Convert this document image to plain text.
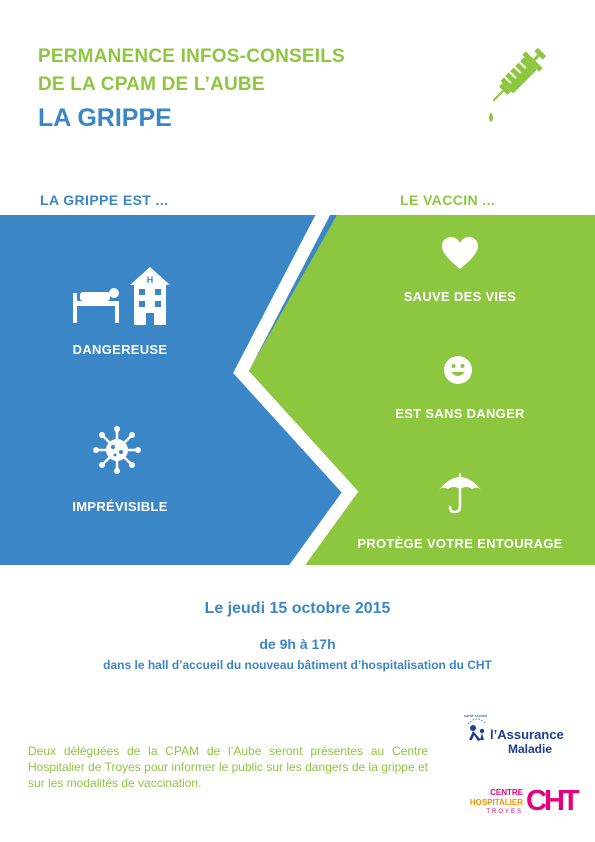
PERMANENCE INFOS-CONSEILS
DE LA CPAM DE L’AUBE
LA GRIPPE
LA GRIPPE EST ...	LE VACCIN ...
H
DANGEREUSE
IMPRÉVISIBLE
SAUVE DES VIES
EST SANS DANGER
PROTÈGE VOTRE ENTOURAGE
Le jeudi 15 octobre 2015
de 9h à 17h
dans le hall d’accueil du nouveau bâtiment d’hospitalisation du CHT
Deux déléguées de la CPAM de l’Aube seront présentes au Centre Hospitalier de Troyes pour informer le public sur les dangers de la grippe et sur les modalités de vaccination.
santé sociale
l’Assurance
Maladie
CENTRE
HOSPITALIER
TROYES CHT
